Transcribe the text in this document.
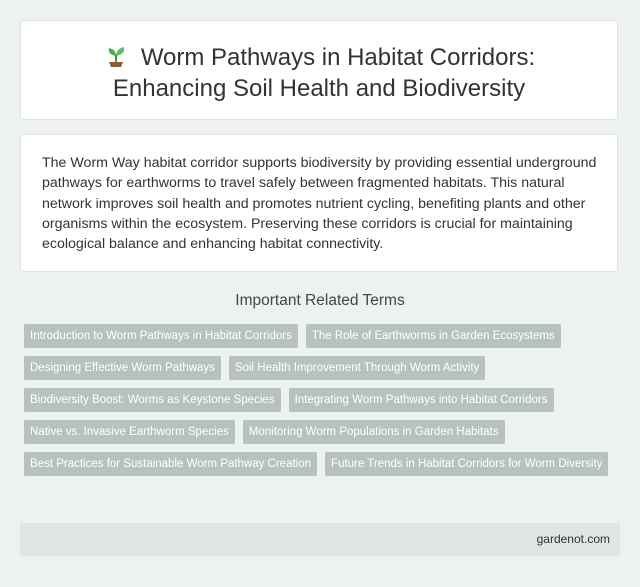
Worm Pathways in Habitat Corridors:
Enhancing Soil Health and Biodiversity

The Worm Way habitat corridor supports biodiversity by providing essential underground pathways for earthworms to travel safely between fragmented habitats. This natural network improves soil health and promotes nutrient cycling, benefiting plants and other organisms within the ecosystem. Preserving these corridors is crucial for maintaining ecological balance and enhancing habitat connectivity.

Important Related Terms
Introduction to Worm Pathways in Habitat Corridors	The Role of Earthworms in Garden Ecosystems
Designing Effective Worm Pathways	Soil Health Improvement Through Worm Activity
Biodiversity Boost: Worms as Keystone Species	Integrating Worm Pathways into Habitat Corridors
Native vs. Invasive Earthworm Species	Monitoring Worm Populations in Garden Habitats
Best Practices for Sustainable Worm Pathway Creation	Future Trends in Habitat Corridors for Worm Diversity
gardenot.com
